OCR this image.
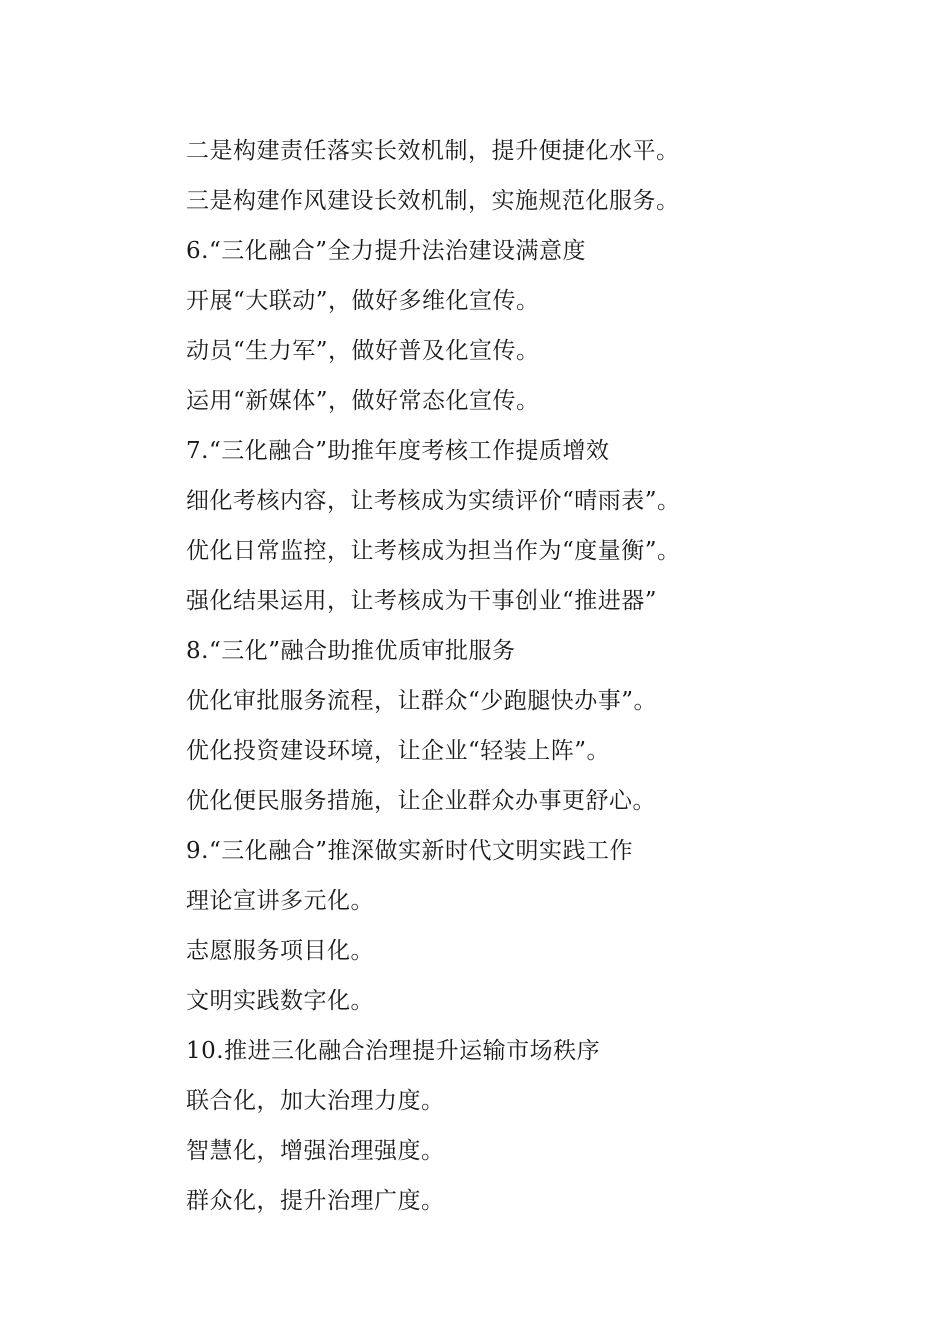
二是构建责任落实长效机制，提升便捷化水平。
三是构建作风建设长效机制，实施规范化服务。
6.“三化融合”全力提升法治建设满意度
开展“大联动”，做好多维化宣传。
动员“生力军”，做好普及化宣传。
运用“新媒体”，做好常态化宣传。
7.“三化融合”助推年度考核工作提质增效
细化考核内容，让考核成为实绩评价“晴雨表”。
优化日常监控，让考核成为担当作为“度量衡”。
强化结果运用，让考核成为干事创业“推进器”
8.“三化”融合助推优质审批服务
优化审批服务流程，让群众“少跑腿快办事”。
优化投资建设环境，让企业“轻装上阵”。
优化便民服务措施，让企业群众办事更舒心。
9.“三化融合”推深做实新时代文明实践工作
理论宣讲多元化。
志愿服务项目化。
文明实践数字化。
10.推进三化融合治理提升运输市场秩序
联合化，加大治理力度。
智慧化，增强治理强度。
群众化，提升治理广度。
